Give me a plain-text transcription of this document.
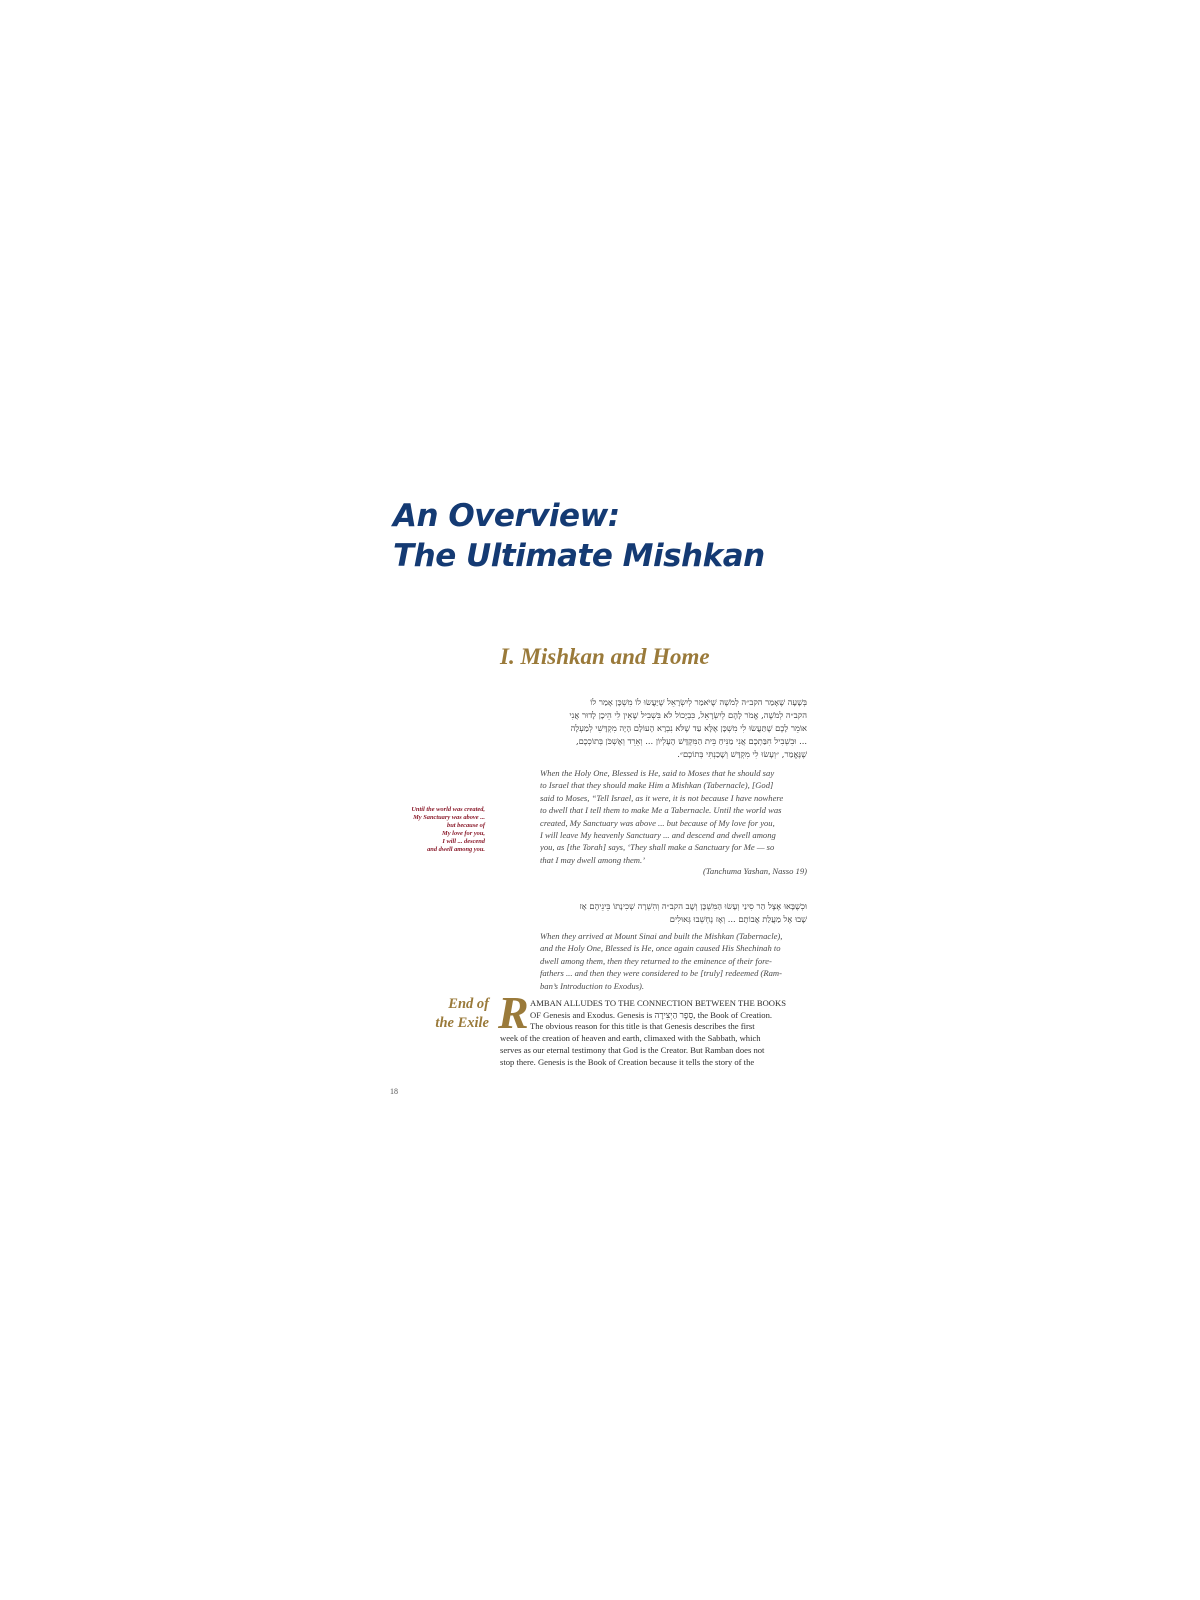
An Overview:
The Ultimate Mishkan
I. Mishkan and Home
בְּשָׁעָה שֶׁאָמַר הקב״ה לְמֹשֶׁה שֶׁיֹּאמַר לְיִשְׂרָאֵל שֶׁיַּעֲשׂוּ לוֹ מִשְׁכָּן אָמַר לוֹ
הקב״ה לְמֹשֶׁה, אֱמֹר לָהֶם לְיִשְׂרָאֵל, כִּבְיָכוֹל לֹא בִּשְׁבִיל שֶׁאֵין לִי הֵיכָן לָדוּר אֲנִי
אוֹמֵר לָכֶם שֶׁתַּעֲשׂוּ לִי מִשְׁכָּן אֶלָּא עַד שֶׁלֹּא נִבְרָא הָעוֹלָם הָיָה מִקְדָּשִׁי לְמַעְלָה
... וּבִשְׁבִיל חִבַּתְכֶם אֲנִי מַנִּיחַ בֵּית הַמִּקְדָּשׁ הָעֶלְיוֹן ... וְאֵרֵד וְאֶשְׁכֹּן בְּתוֹכְכֶם,
שֶׁנֶּאֱמַר, ״וְעָשׂוּ לִי מִקְדָּשׁ וְשָׁכַנְתִּי בְּתוֹכָם״.
When the Holy One, Blessed is He, said to Moses that he should say
to Israel that they should make Him a Mishkan (Tabernacle), [God]
said to Moses, “Tell Israel, as it were, it is not because I have nowhere
to dwell that I tell them to make Me a Tabernacle. Until the world was
created, My Sanctuary was above ... but because of My love for you,
I will leave My heavenly Sanctuary ... and descend and dwell among
you, as [the Torah] says, ‘They shall make a Sanctuary for Me — so
that I may dwell among them.’
(Tanchuma Yashan, Nasso 19)
Until the world was created,
My Sanctuary was above ...
but because of
My love for you,
I will ... descend
and dwell among you.
וּכְשֶׁבָּאוּ אֶצֶל הַר סִינַי וְעָשׂוּ הַמִּשְׁכָּן וְשָׁב הקב״ה וְהִשְׁרָה שְׁכִינָתוֹ בֵּינֵיהֶם אָז
שָׁבוּ אֶל מַעֲלַת אֲבוֹתָם ... וְאָז נֶחְשְׁבוּ גְּאוּלִים
When they arrived at Mount Sinai and built the Mishkan (Tabernacle),
and the Holy One, Blessed is He, once again caused His Shechinah to
dwell among them, then they returned to the eminence of their fore-
fathers ... and then they were considered to be [truly] redeemed (Ram-
ban’s Introduction to Exodus).
End of
the Exile R AMBAN ALLUDES TO THE CONNECTION BETWEEN THE BOOKS
OF Genesis and Exodus. Genesis is סֵפֶר הַיְצִירָה, the Book of Creation.
The obvious reason for this title is that Genesis describes the first
week of the creation of heaven and earth, climaxed with the Sabbath, which
serves as our eternal testimony that God is the Creator. But Ramban does not
stop there. Genesis is the Book of Creation because it tells the story of the
18
